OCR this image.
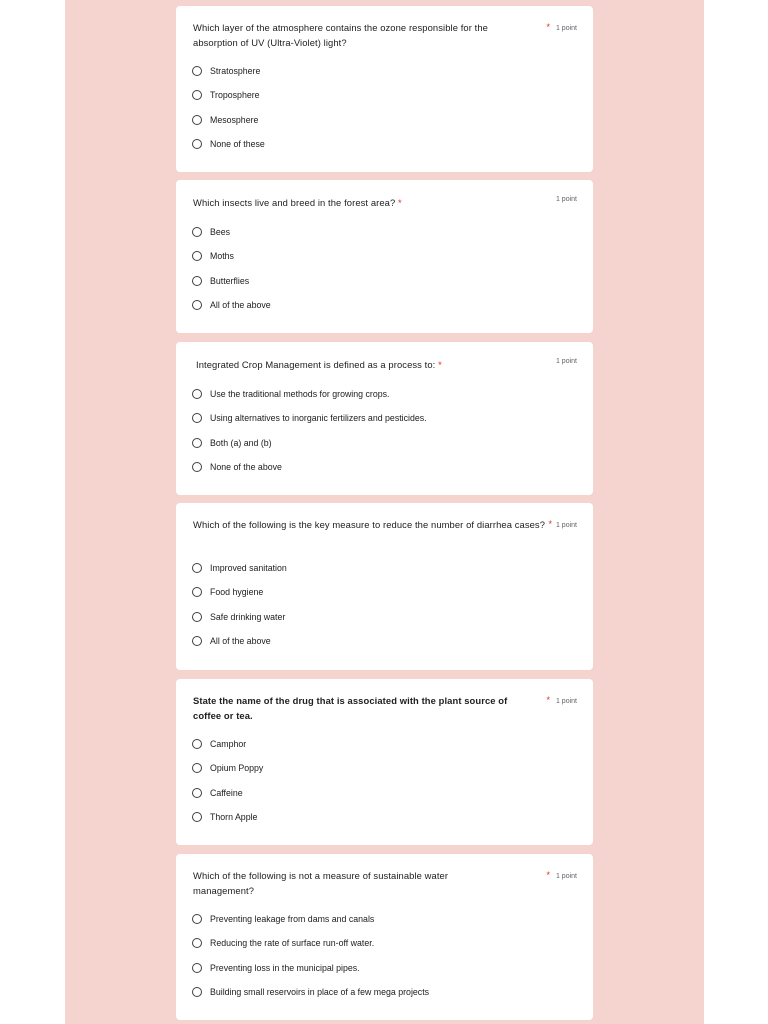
Which layer of the atmosphere contains the ozone responsible for the absorption of UV (Ultra-Violet) light?
* 1 point
Stratosphere
Troposphere
Mesosphere
None of these
Which insects live and breed in the forest area? *	1 point
Bees
Moths
Butterflies
All of the above
Integrated Crop Management is defined as a process to: *	1 point
Use the traditional methods for growing crops.
Using alternatives to inorganic fertilizers and pesticides.
Both (a) and (b)
None of the above
Which of the following is the key measure to reduce the number of diarrhea cases? * 1 point
Improved sanitation
Food hygiene
Safe drinking water
All of the above
State the name of the drug that is associated with the plant source of coffee or tea.
* 1 point
Camphor
Opium Poppy
Caffeine
Thorn Apple
Which of the following is not a measure of sustainable water management?
* 1 point
Preventing leakage from dams and canals
Reducing the rate of surface run-off water.
Preventing loss in the municipal pipes.
Building small reservoirs in place of a few mega projects
